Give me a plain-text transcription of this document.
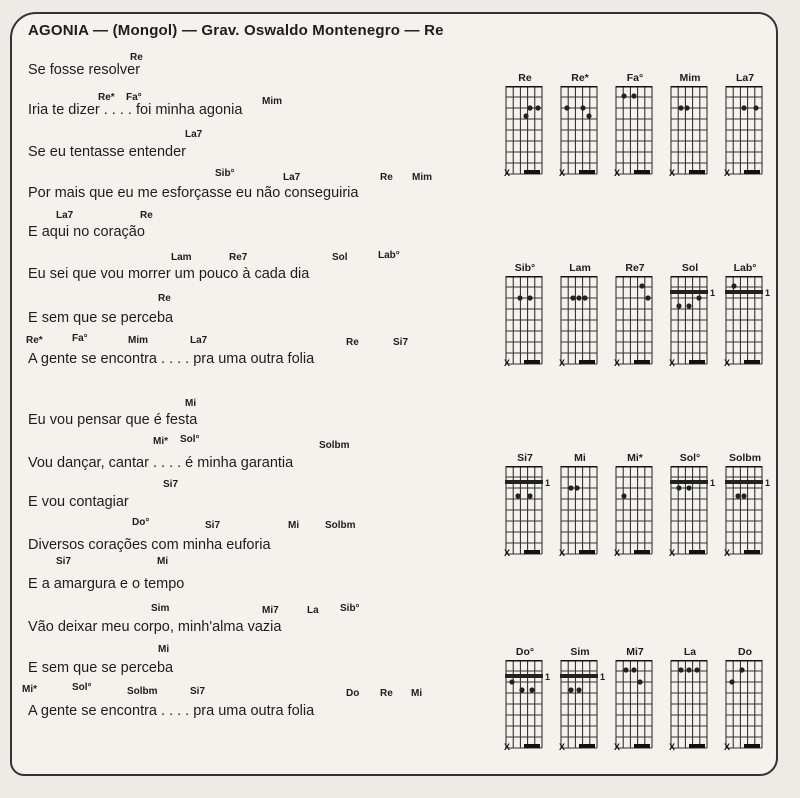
AGONIA — (Mongol) — Grav. Oswaldo Montenegro — Re
Se fosse resolver
Iria te dizer . . . . foi minha agonia
Se eu tentasse entender
Por mais que eu me esforçasse eu não conseguiria
E aqui no coração
Eu sei que vou morrer um pouco à cada dia
E sem que se perceba
A gente se encontra . . . . pra uma outra folia
Eu vou pensar que é festa
Vou dançar, cantar . . . . é minha garantia
E vou contagiar
Diversos corações com minha euforia
E a amargura e o tempo
Vão deixar meu corpo, minh'alma vazia
E sem que se perceba
A gente se encontra . . . . pra uma outra folia
Re
Re* Fa°	Mim
La7
Sib°	La7	Re Mim
La7	Re
Lam	Re7	Sol	Lab°
Re
Re*	Fa°	Mim	La7	Re	Si7
Mi
Mi* Sol°
Solbm
Si7
Do°	Si7	Mi	Solbm
Si7	Mi
Sim	Mi7	La Sib°
Mi
Mi*	Sol°	Solbm	Si7	Do Re Mi
Re
X
Re*
X
Fa°
X
Mim
X
La7
X
Sib°
X
Lam
X
Re7
X
Sol
X
1
Lab°
X
1
Si7
X
1
Mi
X
Mi*
X
Sol°
X
1
Solbm
X
1
Do°
X
1
Sim
X
1
Mi7
X
La
X
Do
X
